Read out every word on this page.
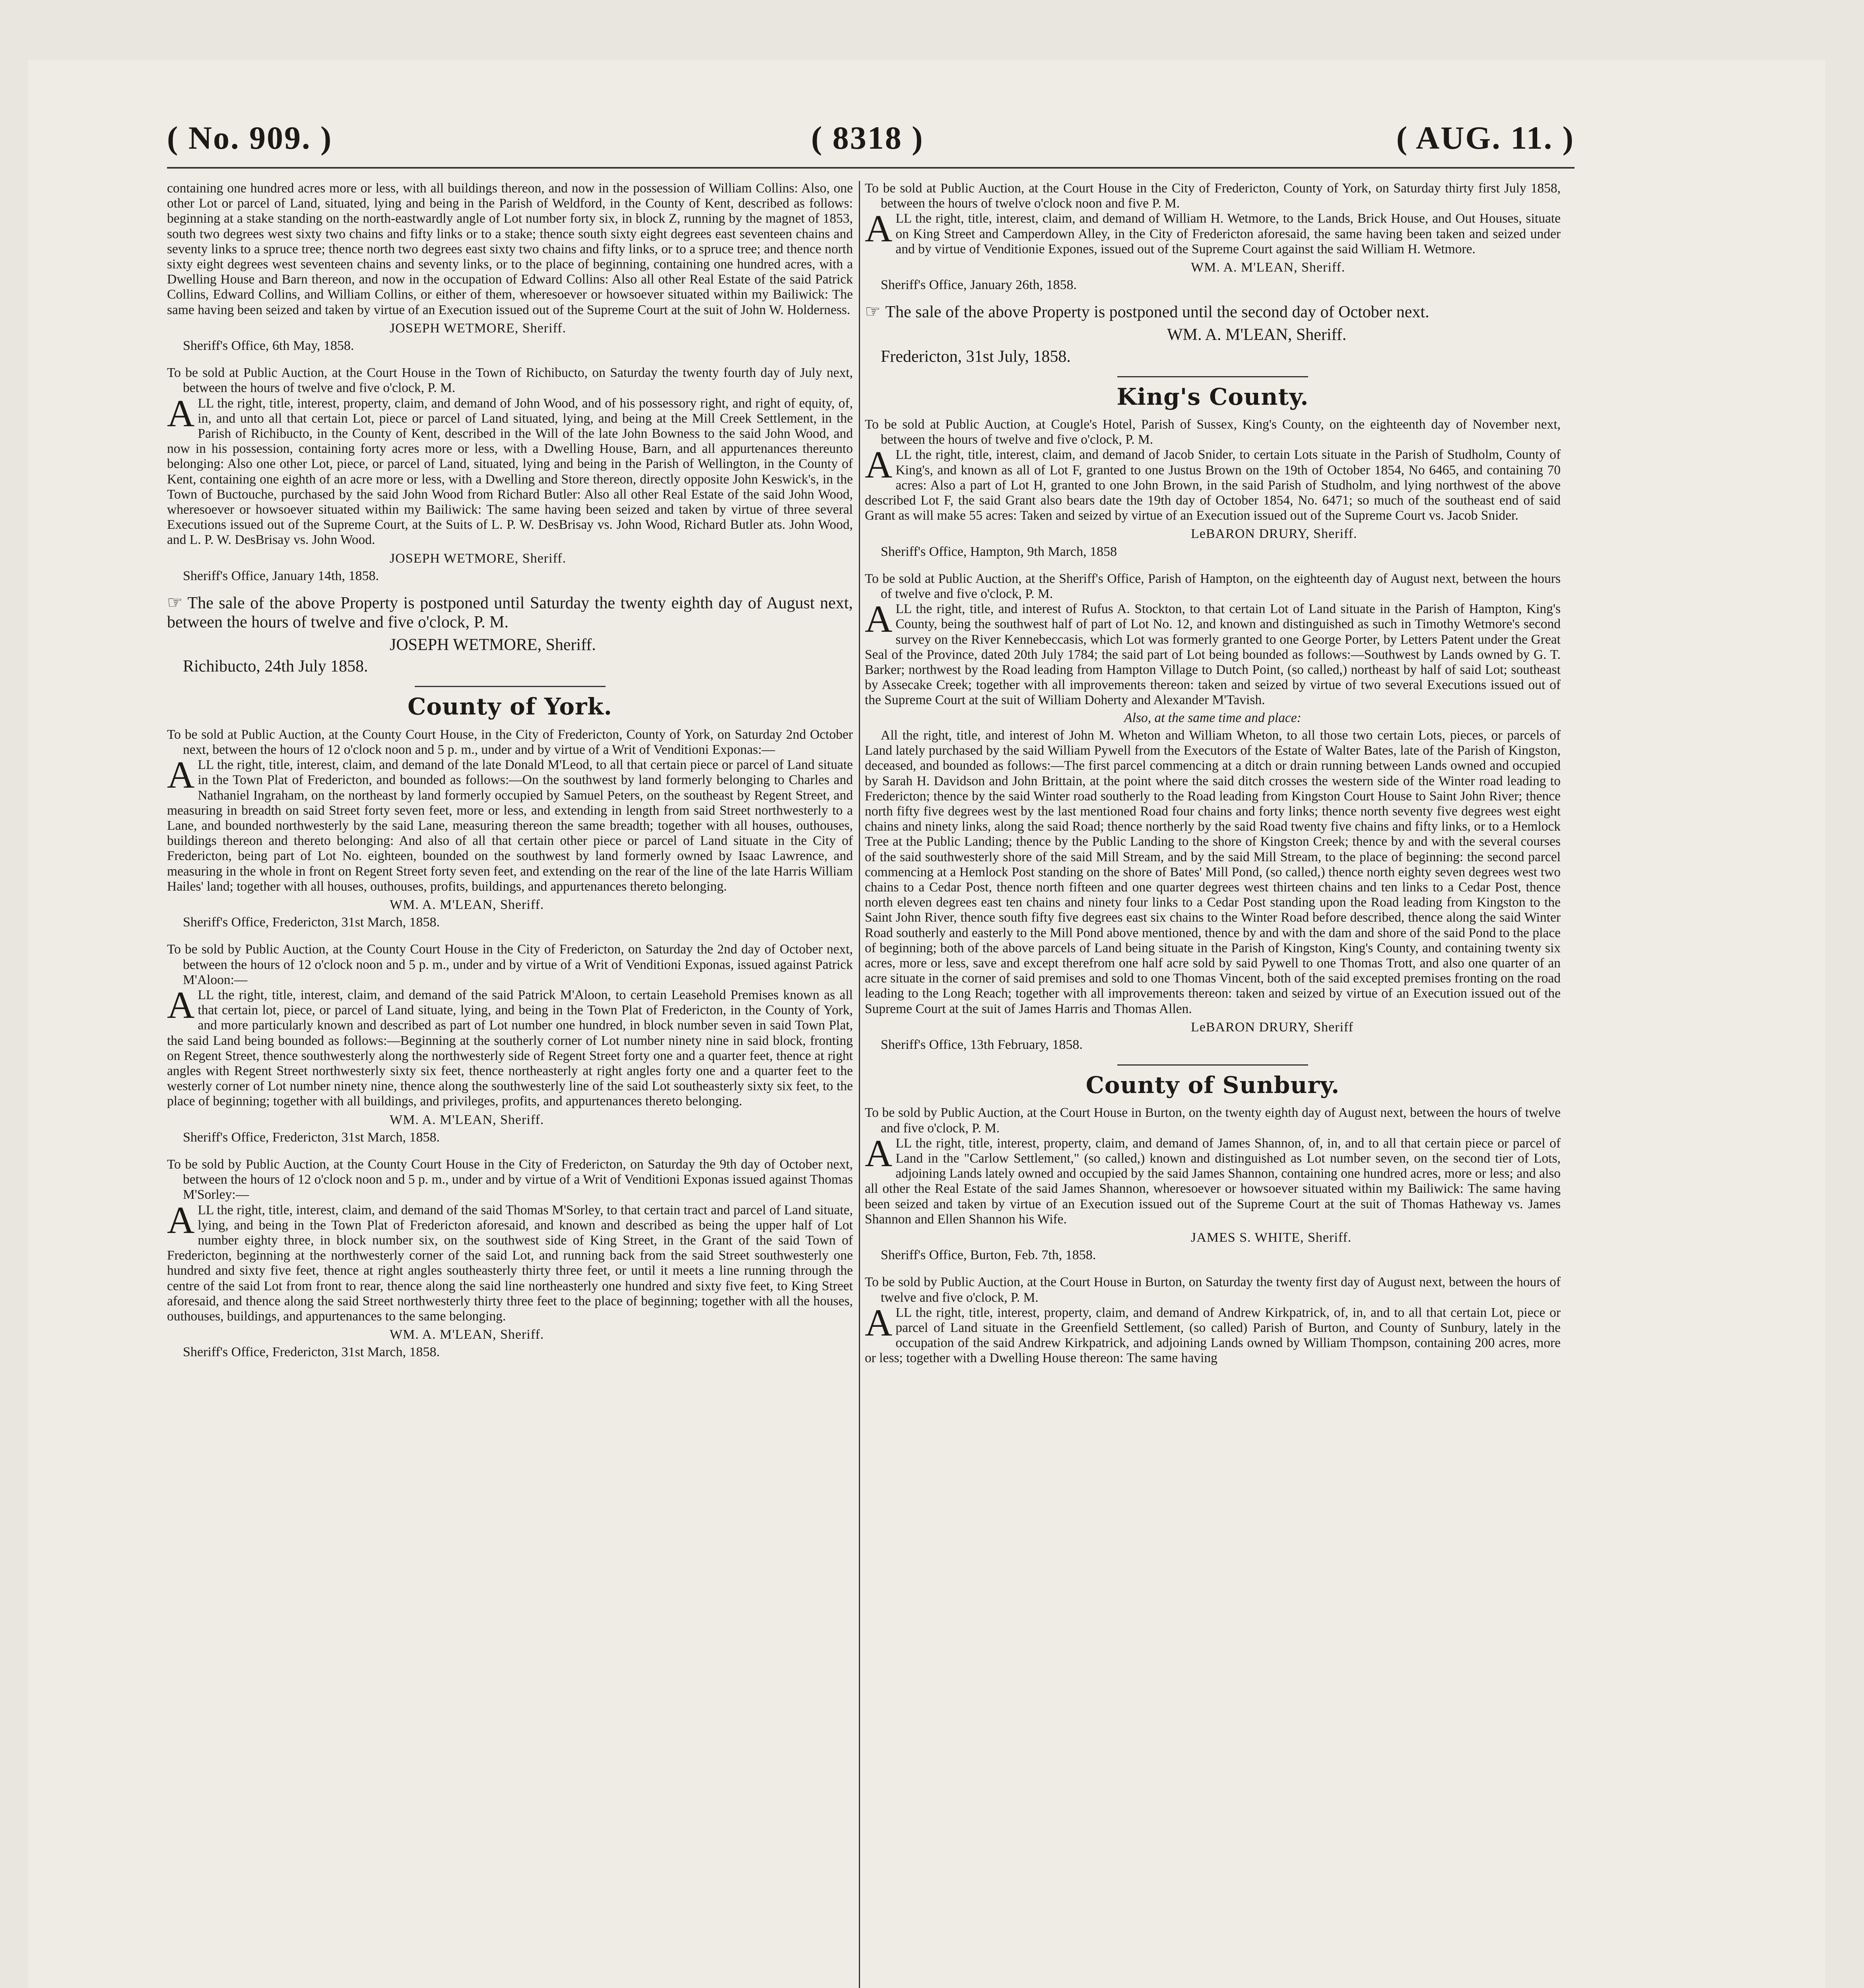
( No. 909. )	( 8318 )	( AUG. 11. )

containing one hundred acres more or less, with all buildings thereon, and now in the possession of William Collins: Also, one other Lot or parcel of Land, situated, lying and being in the Parish of Weldford, in the County of Kent, described as follows: beginning at a stake standing on the north-eastwardly angle of Lot number forty six, in block Z, running by the magnet of 1853, south two degrees west sixty two chains and fifty links or to a stake; thence south sixty eight degrees east seventeen chains and seventy links to a spruce tree; thence north two degrees east sixty two chains and fifty links, or to a spruce tree; and thence north sixty eight degrees west seventeen chains and seventy links, or to the place of beginning, containing one hundred acres, with a Dwelling House and Barn thereon, and now in the occupation of Edward Collins: Also all other Real Estate of the said Patrick Collins, Edward Collins, and William Collins, or either of them, wheresoever or howsoever situated within my Bailiwick: The same having been seized and taken by virtue of an Execution issued out of the Supreme Court at the suit of John W. Holderness.

JOSEPH WETMORE, Sheriff.

Sheriff's Office, 6th May, 1858.

To be sold at Public Auction, at the Court House in the Town of Richibucto, on Saturday the twenty fourth day of July next, between the hours of twelve and five o'clock, P. M.

ALL the right, title, interest, property, claim, and demand of John Wood, and of his possessory right, and right of equity, of, in, and unto all that certain Lot, piece or parcel of Land situated, lying, and being at the Mill Creek Settlement, in the Parish of Richibucto, in the County of Kent, described in the Will of the late John Bowness to the said John Wood, and now in his possession, containing forty acres more or less, with a Dwelling House, Barn, and all appurtenances thereunto belonging: Also one other Lot, piece, or parcel of Land, situated, lying and being in the Parish of Wellington, in the County of Kent, containing one eighth of an acre more or less, with a Dwelling and Store thereon, directly opposite John Keswick's, in the Town of Buctouche, purchased by the said John Wood from Richard Butler: Also all other Real Estate of the said John Wood, wheresoever or howsoever situated within my Bailiwick: The same having been seized and taken by virtue of three several Executions issued out of the Supreme Court, at the Suits of L. P. W. DesBrisay vs. John Wood, Richard Butler ats. John Wood, and L. P. W. DesBrisay vs. John Wood.

JOSEPH WETMORE, Sheriff.

Sheriff's Office, January 14th, 1858.

☞ The sale of the above Property is postponed until Saturday the twenty eighth day of August next, between the hours of twelve and five o'clock, P. M.

JOSEPH WETMORE, Sheriff.

Richibucto, 24th July 1858.

County of York.

To be sold at Public Auction, at the County Court House, in the City of Fredericton, County of York, on Saturday 2nd October next, between the hours of 12 o'clock noon and 5 p. m., under and by virtue of a Writ of Venditioni Exponas:—

ALL the right, title, interest, claim, and demand of the late Donald M'Leod, to all that certain piece or parcel of Land situate in the Town Plat of Fredericton, and bounded as follows:—On the southwest by land formerly belonging to Charles and Nathaniel Ingraham, on the northeast by land formerly occupied by Samuel Peters, on the southeast by Regent Street, and measuring in breadth on said Street forty seven feet, more or less, and extending in length from said Street northwesterly to a Lane, and bounded northwesterly by the said Lane, measuring thereon the same breadth; together with all houses, outhouses, buildings thereon and thereto belonging: And also of all that certain other piece or parcel of Land situate in the City of Fredericton, being part of Lot No. eighteen, bounded on the southwest by land formerly owned by Isaac Lawrence, and measuring in the whole in front on Regent Street forty seven feet, and extending on the rear of the line of the late Harris William Hailes' land; together with all houses, outhouses, profits, buildings, and appurtenances thereto belonging.

WM. A. M'LEAN, Sheriff.

Sheriff's Office, Fredericton, 31st March, 1858.

To be sold by Public Auction, at the County Court House in the City of Fredericton, on Saturday the 2nd day of October next, between the hours of 12 o'clock noon and 5 p. m., under and by virtue of a Writ of Venditioni Exponas, issued against Patrick M'Aloon:—

ALL the right, title, interest, claim, and demand of the said Patrick M'Aloon, to certain Leasehold Premises known as all that certain lot, piece, or parcel of Land situate, lying, and being in the Town Plat of Fredericton, in the County of York, and more particularly known and described as part of Lot number one hundred, in block number seven in said Town Plat, the said Land being bounded as follows:—Beginning at the southerly corner of Lot number ninety nine in said block, fronting on Regent Street, thence southwesterly along the northwesterly side of Regent Street forty one and a quarter feet, thence at right angles with Regent Street northwesterly sixty six feet, thence northeasterly at right angles forty one and a quarter feet to the westerly corner of Lot number ninety nine, thence along the southwesterly line of the said Lot southeasterly sixty six feet, to the place of beginning; together with all buildings, and privileges, profits, and appurtenances thereto belonging.

WM. A. M'LEAN, Sheriff.

Sheriff's Office, Fredericton, 31st March, 1858.

To be sold by Public Auction, at the County Court House in the City of Fredericton, on Saturday the 9th day of October next, between the hours of 12 o'clock noon and 5 p. m., under and by virtue of a Writ of Venditioni Exponas issued against Thomas M'Sorley:—

ALL the right, title, interest, claim, and demand of the said Thomas M'Sorley, to that certain tract and parcel of Land situate, lying, and being in the Town Plat of Fredericton aforesaid, and known and described as being the upper half of Lot number eighty three, in block number six, on the southwest side of King Street, in the Grant of the said Town of Fredericton, beginning at the northwesterly corner of the said Lot, and running back from the said Street southwesterly one hundred and sixty five feet, thence at right angles southeasterly thirty three feet, or until it meets a line running through the centre of the said Lot from front to rear, thence along the said line northeasterly one hundred and sixty five feet, to King Street aforesaid, and thence along the said Street northwesterly thirty three feet to the place of beginning; together with all the houses, outhouses, buildings, and appurtenances to the same belonging.

WM. A. M'LEAN, Sheriff.

Sheriff's Office, Fredericton, 31st March, 1858.

To be sold at Public Auction, at the Court House in the City of Fredericton, County of York, on Saturday thirty first July 1858, between the hours of twelve o'clock noon and five P. M.

ALL the right, title, interest, claim, and demand of William H. Wetmore, to the Lands, Brick House, and Out Houses, situate on King Street and Camperdown Alley, in the City of Fredericton aforesaid, the same having been taken and seized under and by virtue of Venditionie Expones, issued out of the Supreme Court against the said William H. Wetmore.

WM. A. M'LEAN, Sheriff.

Sheriff's Office, January 26th, 1858.

☞ The sale of the above Property is postponed until the second day of October next.

WM. A. M'LEAN, Sheriff.

Fredericton, 31st July, 1858.

King's County.

To be sold at Public Auction, at Cougle's Hotel, Parish of Sussex, King's County, on the eighteenth day of November next, between the hours of twelve and five o'clock, P. M.

ALL the right, title, interest, claim, and demand of Jacob Snider, to certain Lots situate in the Parish of Studholm, County of King's, and known as all of Lot F, granted to one Justus Brown on the 19th of October 1854, No 6465, and containing 70 acres: Also a part of Lot H, granted to one John Brown, in the said Parish of Studholm, and lying northwest of the above described Lot F, the said Grant also bears date the 19th day of October 1854, No. 6471; so much of the southeast end of said Grant as will make 55 acres: Taken and seized by virtue of an Execution issued out of the Supreme Court vs. Jacob Snider.

LeBARON DRURY, Sheriff.

Sheriff's Office, Hampton, 9th March, 1858

To be sold at Public Auction, at the Sheriff's Office, Parish of Hampton, on the eighteenth day of August next, between the hours of twelve and five o'clock, P. M.

ALL the right, title, and interest of Rufus A. Stockton, to that certain Lot of Land situate in the Parish of Hampton, King's County, being the southwest half of part of Lot No. 12, and known and distinguished as such in Timothy Wetmore's second survey on the River Kennebeccasis, which Lot was formerly granted to one George Porter, by Letters Patent under the Great Seal of the Province, dated 20th July 1784; the said part of Lot being bounded as follows:—Southwest by Lands owned by G. T. Barker; northwest by the Road leading from Hampton Village to Dutch Point, (so called,) northeast by half of said Lot; southeast by Assecake Creek; together with all improvements thereon: taken and seized by virtue of two several Executions issued out of the Supreme Court at the suit of William Doherty and Alexander M'Tavish.

Also, at the same time and place:

All the right, title, and interest of John M. Wheton and William Wheton, to all those two certain Lots, pieces, or parcels of Land lately purchased by the said William Pywell from the Executors of the Estate of Walter Bates, late of the Parish of Kingston, deceased, and bounded as follows:—The first parcel commencing at a ditch or drain running between Lands owned and occupied by Sarah H. Davidson and John Brittain, at the point where the said ditch crosses the western side of the Winter road leading to Fredericton; thence by the said Winter road southerly to the Road leading from Kingston Court House to Saint John River; thence north fifty five degrees west by the last mentioned Road four chains and forty links; thence north seventy five degrees west eight chains and ninety links, along the said Road; thence northerly by the said Road twenty five chains and fifty links, or to a Hemlock Tree at the Public Landing; thence by the Public Landing to the shore of Kingston Creek; thence by and with the several courses of the said southwesterly shore of the said Mill Stream, and by the said Mill Stream, to the place of beginning: the second parcel commencing at a Hemlock Post standing on the shore of Bates' Mill Pond, (so called,) thence north eighty seven degrees west two chains to a Cedar Post, thence north fifteen and one quarter degrees west thirteen chains and ten links to a Cedar Post, thence north eleven degrees east ten chains and ninety four links to a Cedar Post standing upon the Road leading from Kingston to the Saint John River, thence south fifty five degrees east six chains to the Winter Road before described, thence along the said Winter Road southerly and easterly to the Mill Pond above mentioned, thence by and with the dam and shore of the said Pond to the place of beginning; both of the above parcels of Land being situate in the Parish of Kingston, King's County, and containing twenty six acres, more or less, save and except therefrom one half acre sold by said Pywell to one Thomas Trott, and also one quarter of an acre situate in the corner of said premises and sold to one Thomas Vincent, both of the said excepted premises fronting on the road leading to the Long Reach; together with all improvements thereon: taken and seized by virtue of an Execution issued out of the Supreme Court at the suit of James Harris and Thomas Allen.

LeBARON DRURY, Sheriff

Sheriff's Office, 13th February, 1858.

County of Sunbury.

To be sold by Public Auction, at the Court House in Burton, on the twenty eighth day of August next, between the hours of twelve and five o'clock, P. M.

ALL the right, title, interest, property, claim, and demand of James Shannon, of, in, and to all that certain piece or parcel of Land in the "Carlow Settlement," (so called,) known and distinguished as Lot number seven, on the second tier of Lots, adjoining Lands lately owned and occupied by the said James Shannon, containing one hundred acres, more or less; and also all other the Real Estate of the said James Shannon, wheresoever or howsoever situated within my Bailiwick: The same having been seized and taken by virtue of an Execution issued out of the Supreme Court at the suit of Thomas Hatheway vs. James Shannon and Ellen Shannon his Wife.

JAMES S. WHITE, Sheriff.

Sheriff's Office, Burton, Feb. 7th, 1858.

To be sold by Public Auction, at the Court House in Burton, on Saturday the twenty first day of August next, between the hours of twelve and five o'clock, P. M.

ALL the right, title, interest, property, claim, and demand of Andrew Kirkpatrick, of, in, and to all that certain Lot, piece or parcel of Land situate in the Greenfield Settlement, (so called) Parish of Burton, and County of Sunbury, lately in the occupation of the said Andrew Kirkpatrick, and adjoining Lands owned by William Thompson, containing 200 acres, more or less; together with a Dwelling House thereon: The same having
